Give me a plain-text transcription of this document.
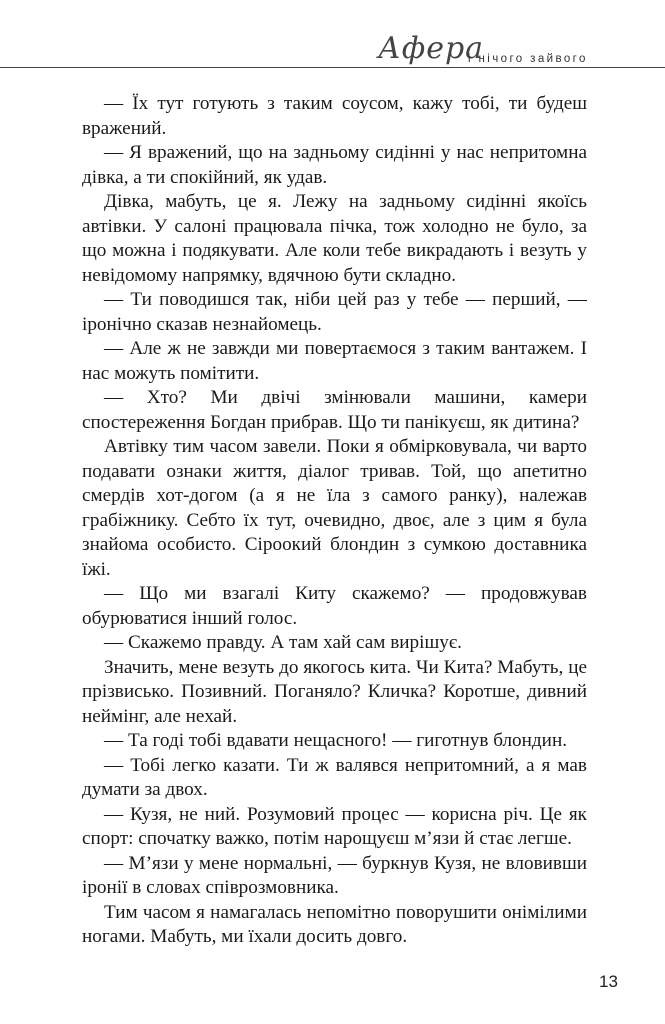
Афера
і нічого зайвого

— Їх тут готують з таким соусом, кажу тобі, ти будеш вражений.

— Я вражений, що на задньому сидінні у нас непритомна дівка, а ти спокійний, як удав.

Дівка, мабуть, це я. Лежу на задньому сидінні якоїсь автівки. У салоні працювала пічка, тож холодно не було, за що можна і подякувати. Але коли тебе викрадають і везуть у невідомому напрямку, вдячною бути складно.

— Ти поводишся так, ніби цей раз у тебе — перший, — іронічно сказав незнайомець.

— Але ж не завжди ми повертаємося з таким вантажем. І нас можуть помітити.

— Хто? Ми двічі змінювали машини, камери спостереження Богдан прибрав. Що ти панікуєш, як дитина?

Автівку тим часом завели. Поки я обмірковувала, чи варто подавати ознаки життя, діалог тривав. Той, що апетитно смердів хот-догом (а я не їла з самого ранку), належав грабіжнику. Себто їх тут, очевидно, двоє, але з цим я була знайома особисто. Сіроокий блондин з сумкою доставника їжі.

— Що ми взагалі Киту скажемо? — продовжував обурюватися інший голос.

— Скажемо правду. А там хай сам вирішує.

Значить, мене везуть до якогось кита. Чи Кита? Мабуть, це прізвисько. Позивний. Поганяло? Кличка? Коротше, дивний неймінг, але нехай.

— Та годі тобі вдавати нещасного! — гиготнув блондин.

— Тобі легко казати. Ти ж валявся непритомний, а я мав думати за двох.

— Кузя, не ний. Розумовий процес — корисна річ. Це як спорт: спочатку важко, потім нарощуєш м’язи й стає легше.

— М’язи у мене нормальні, — буркнув Кузя, не вловивши іронії в словах співрозмовника.

Тим часом я намагалась непомітно поворушити онімілими ногами. Мабуть, ми їхали досить довго.

13
